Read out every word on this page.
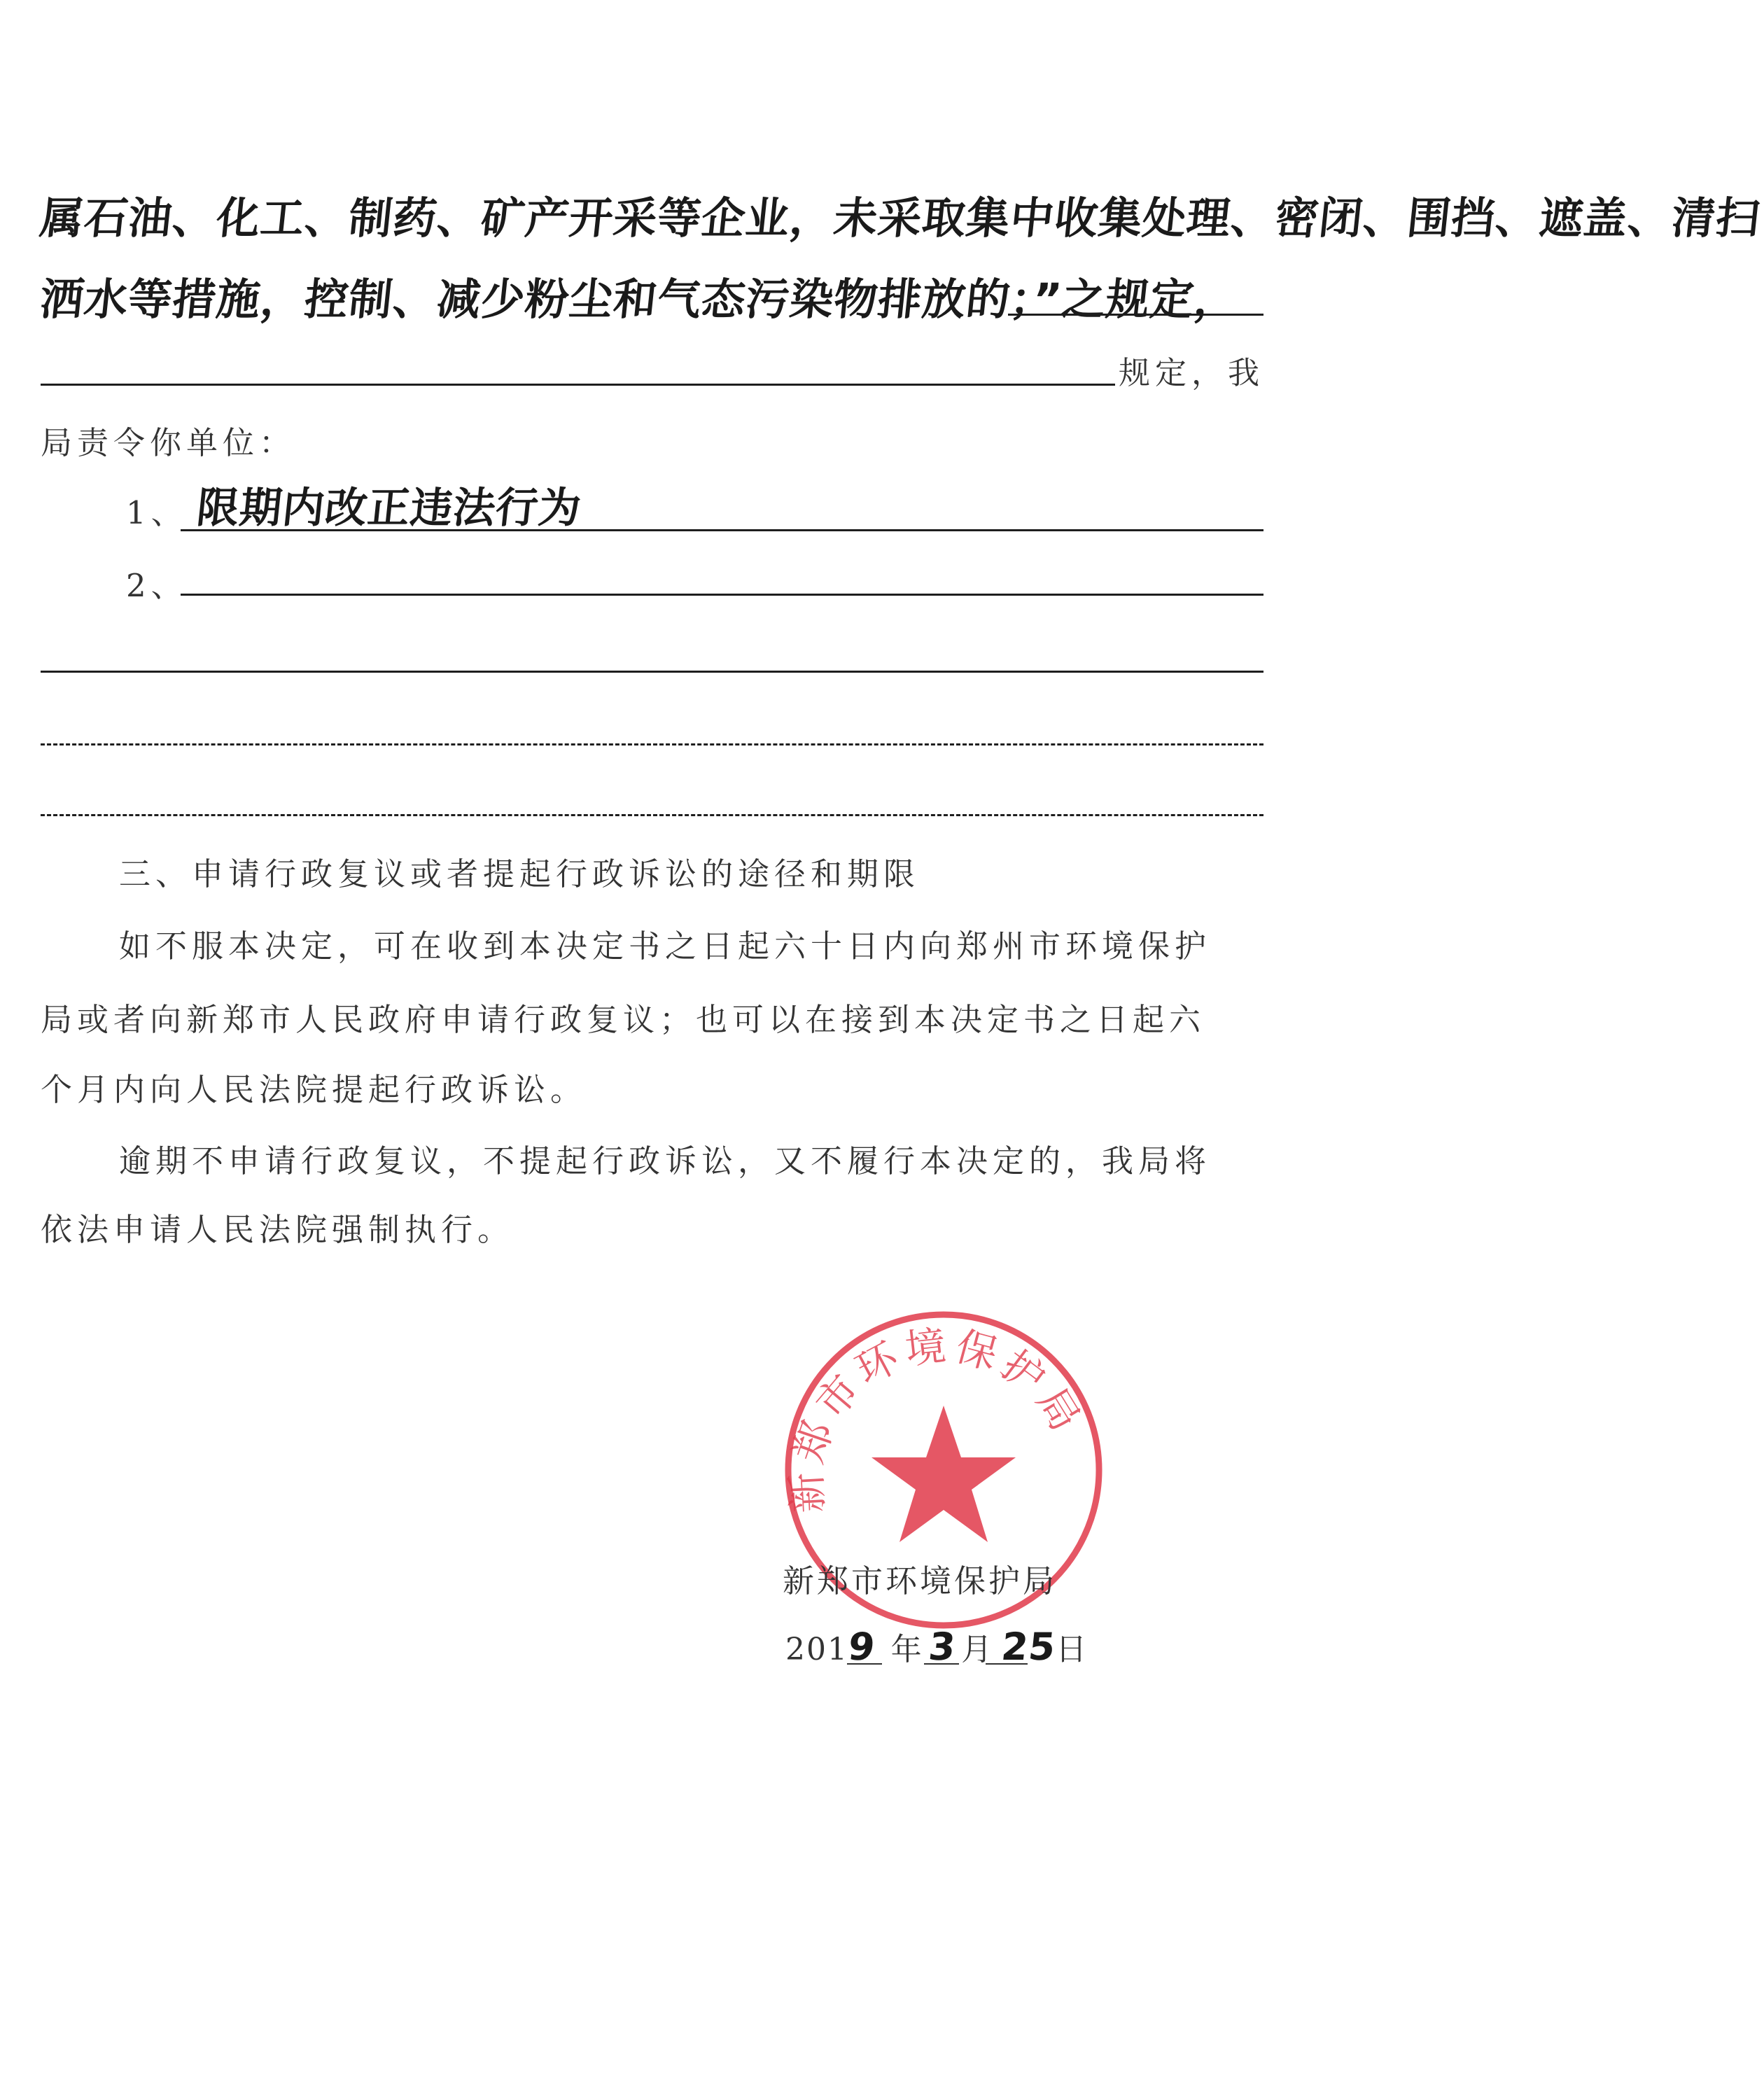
属石油、化工、制药、矿产开采等企业，未采取集中收集处理、密闭、围挡、遮盖、清扫
洒水等措施，控制、减少粉尘和气态污染物排放的；”之规定，
规定，我
局责令你单位：
1、 限期内改正违法行为
2、
三、申请行政复议或者提起行政诉讼的途径和期限
如不服本决定，可在收到本决定书之日起六十日内向郑州市环境保护
局或者向新郑市人民政府申请行政复议；也可以在接到本决定书之日起六
个月内向人民法院提起行政诉讼。
逾期不申请行政复议，不提起行政诉讼，又不履行本决定的，我局将
依法申请人民法院强制执行。
新郑市环境保护局
新郑市环境保护局
2019 年3 月 25日
